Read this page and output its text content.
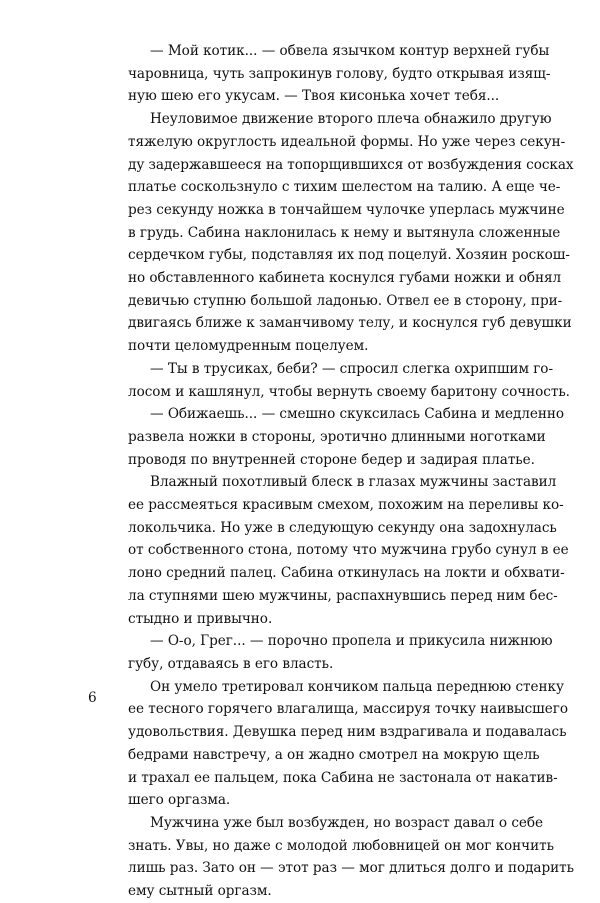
— Мой котик... — обвела язычком контур верхней губы
чаровница, чуть запрокинув голову, будто открывая изящ-
ную шею его укусам. — Твоя кисонька хочет тебя...

Неуловимое движение второго плеча обнажило другую
тяжелую округлость идеальной формы. Но уже через секун-
ду задержавшееся на топорщившихся от возбуждения сосках
платье соскользнуло с тихим шелестом на талию. А еще че-
рез секунду ножка в тончайшем чулочке уперлась мужчине
в грудь. Сабина наклонилась к нему и вытянула сложенные
сердечком губы, подставляя их под поцелуй. Хозяин роскош-
но обставленного кабинета коснулся губами ножки и обнял
девичью ступню большой ладонью. Отвел ее в сторону, при-
двигаясь ближе к заманчивому телу, и коснулся губ девушки
почти целомудренным поцелуем.

— Ты в трусиках, беби? — спросил слегка охрипшим го-
лосом и кашлянул, чтобы вернуть своему баритону сочность.

— Обижаешь... — смешно скуксилась Сабина и медленно
развела ножки в стороны, эротично длинными ноготками
проводя по внутренней стороне бедер и задирая платье.

Влажный похотливый блеск в глазах мужчины заставил
ее рассмеяться красивым смехом, похожим на переливы ко-
локольчика. Но уже в следующую секунду она задохнулась
от собственного стона, потому что мужчина грубо сунул в ее
лоно средний палец. Сабина откинулась на локти и обхвати-
ла ступнями шею мужчины, распахнувшись перед ним бес-
стыдно и привычно.

— О-о, Грег... — порочно пропела и прикусила нижнюю
губу, отдаваясь в его власть.

Он умело третировал кончиком пальца переднюю стенку
ее тесного горячего влагалища, массируя точку наивысшего
удовольствия. Девушка перед ним вздрагивала и подавалась
бедрами навстречу, а он жадно смотрел на мокрую щель
и трахал ее пальцем, пока Сабина не застонала от накатив-
шего оргазма.

Мужчина уже был возбужден, но возраст давал о себе
знать. Увы, но даже с молодой любовницей он мог кончить
лишь раз. Зато он — этот раз — мог длиться долго и подарить
ему сытный оргазм.

6
